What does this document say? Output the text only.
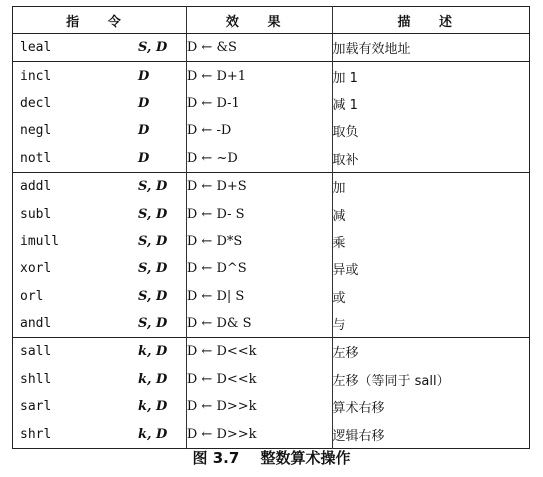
指 令	效 果	描 述

leal S, D	D ← &S	加载有效地址

incl D	D ← D+1	加 1

decl D	D ← D-1	减 1

negl D	D ← -D	取负

notl D	D ← ~D	取补

addl S, D	D ← D+S	加

subl S, D	D ← D- S	减

imull S, D	D ← D*S	乘

xorl S, D	D ← D^S	异或

orl S, D	D ← D| S	或

andl S, D	D ← D& S	与

sall k, D	D ← D<<k	左移

shll k, D	D ← D<<k	左移（等同于 sall）

sarl k, D	D ← D>>k	算术右移

shrl k, D	D ← D>>k	逻辑右移
图 3.7 整数算术操作
